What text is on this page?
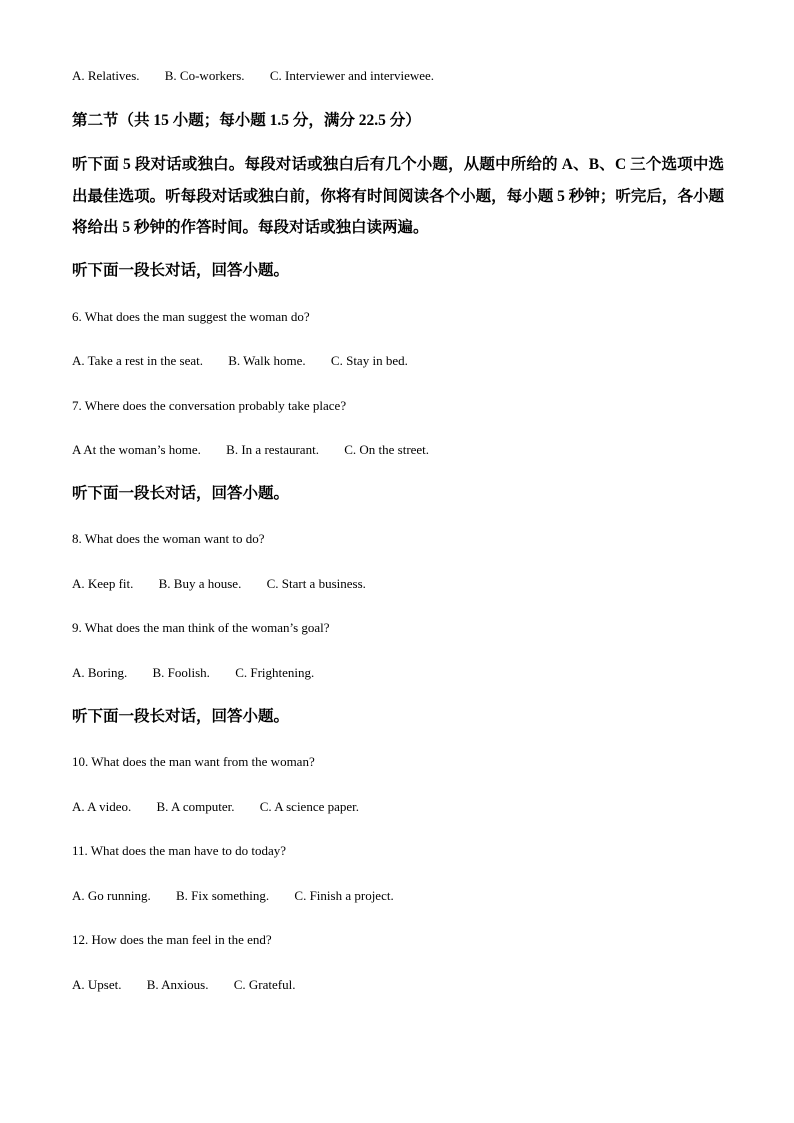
A. Relatives. B. Co-workers. C. Interviewer and interviewee.
第二节（共 15 小题；每小题 1.5 分，满分 22.5 分）
听下面 5 段对话或独白。每段对话或独白后有几个小题，从题中所给的 A、B、C 三个选项中选出最佳选项。听每段对话或独白前，你将有时间阅读各个小题，每小题 5 秒钟；听完后，各小题将给出 5 秒钟的作答时间。每段对话或独白读两遍。
听下面一段长对话，回答小题。
6. What does the man suggest the woman do?
A. Take a rest in the seat. B. Walk home. C. Stay in bed.
7. Where does the conversation probably take place?
A At the woman’s home. B. In a restaurant. C. On the street.
听下面一段长对话，回答小题。
8. What does the woman want to do?
A. Keep fit. B. Buy a house. C. Start a business.
9. What does the man think of the woman’s goal?
A. Boring. B. Foolish. C. Frightening.
听下面一段长对话，回答小题。
10. What does the man want from the woman?
A. A video. B. A computer. C. A science paper.
11. What does the man have to do today?
A. Go running. B. Fix something. C. Finish a project.
12. How does the man feel in the end?
A. Upset. B. Anxious. C. Grateful.
